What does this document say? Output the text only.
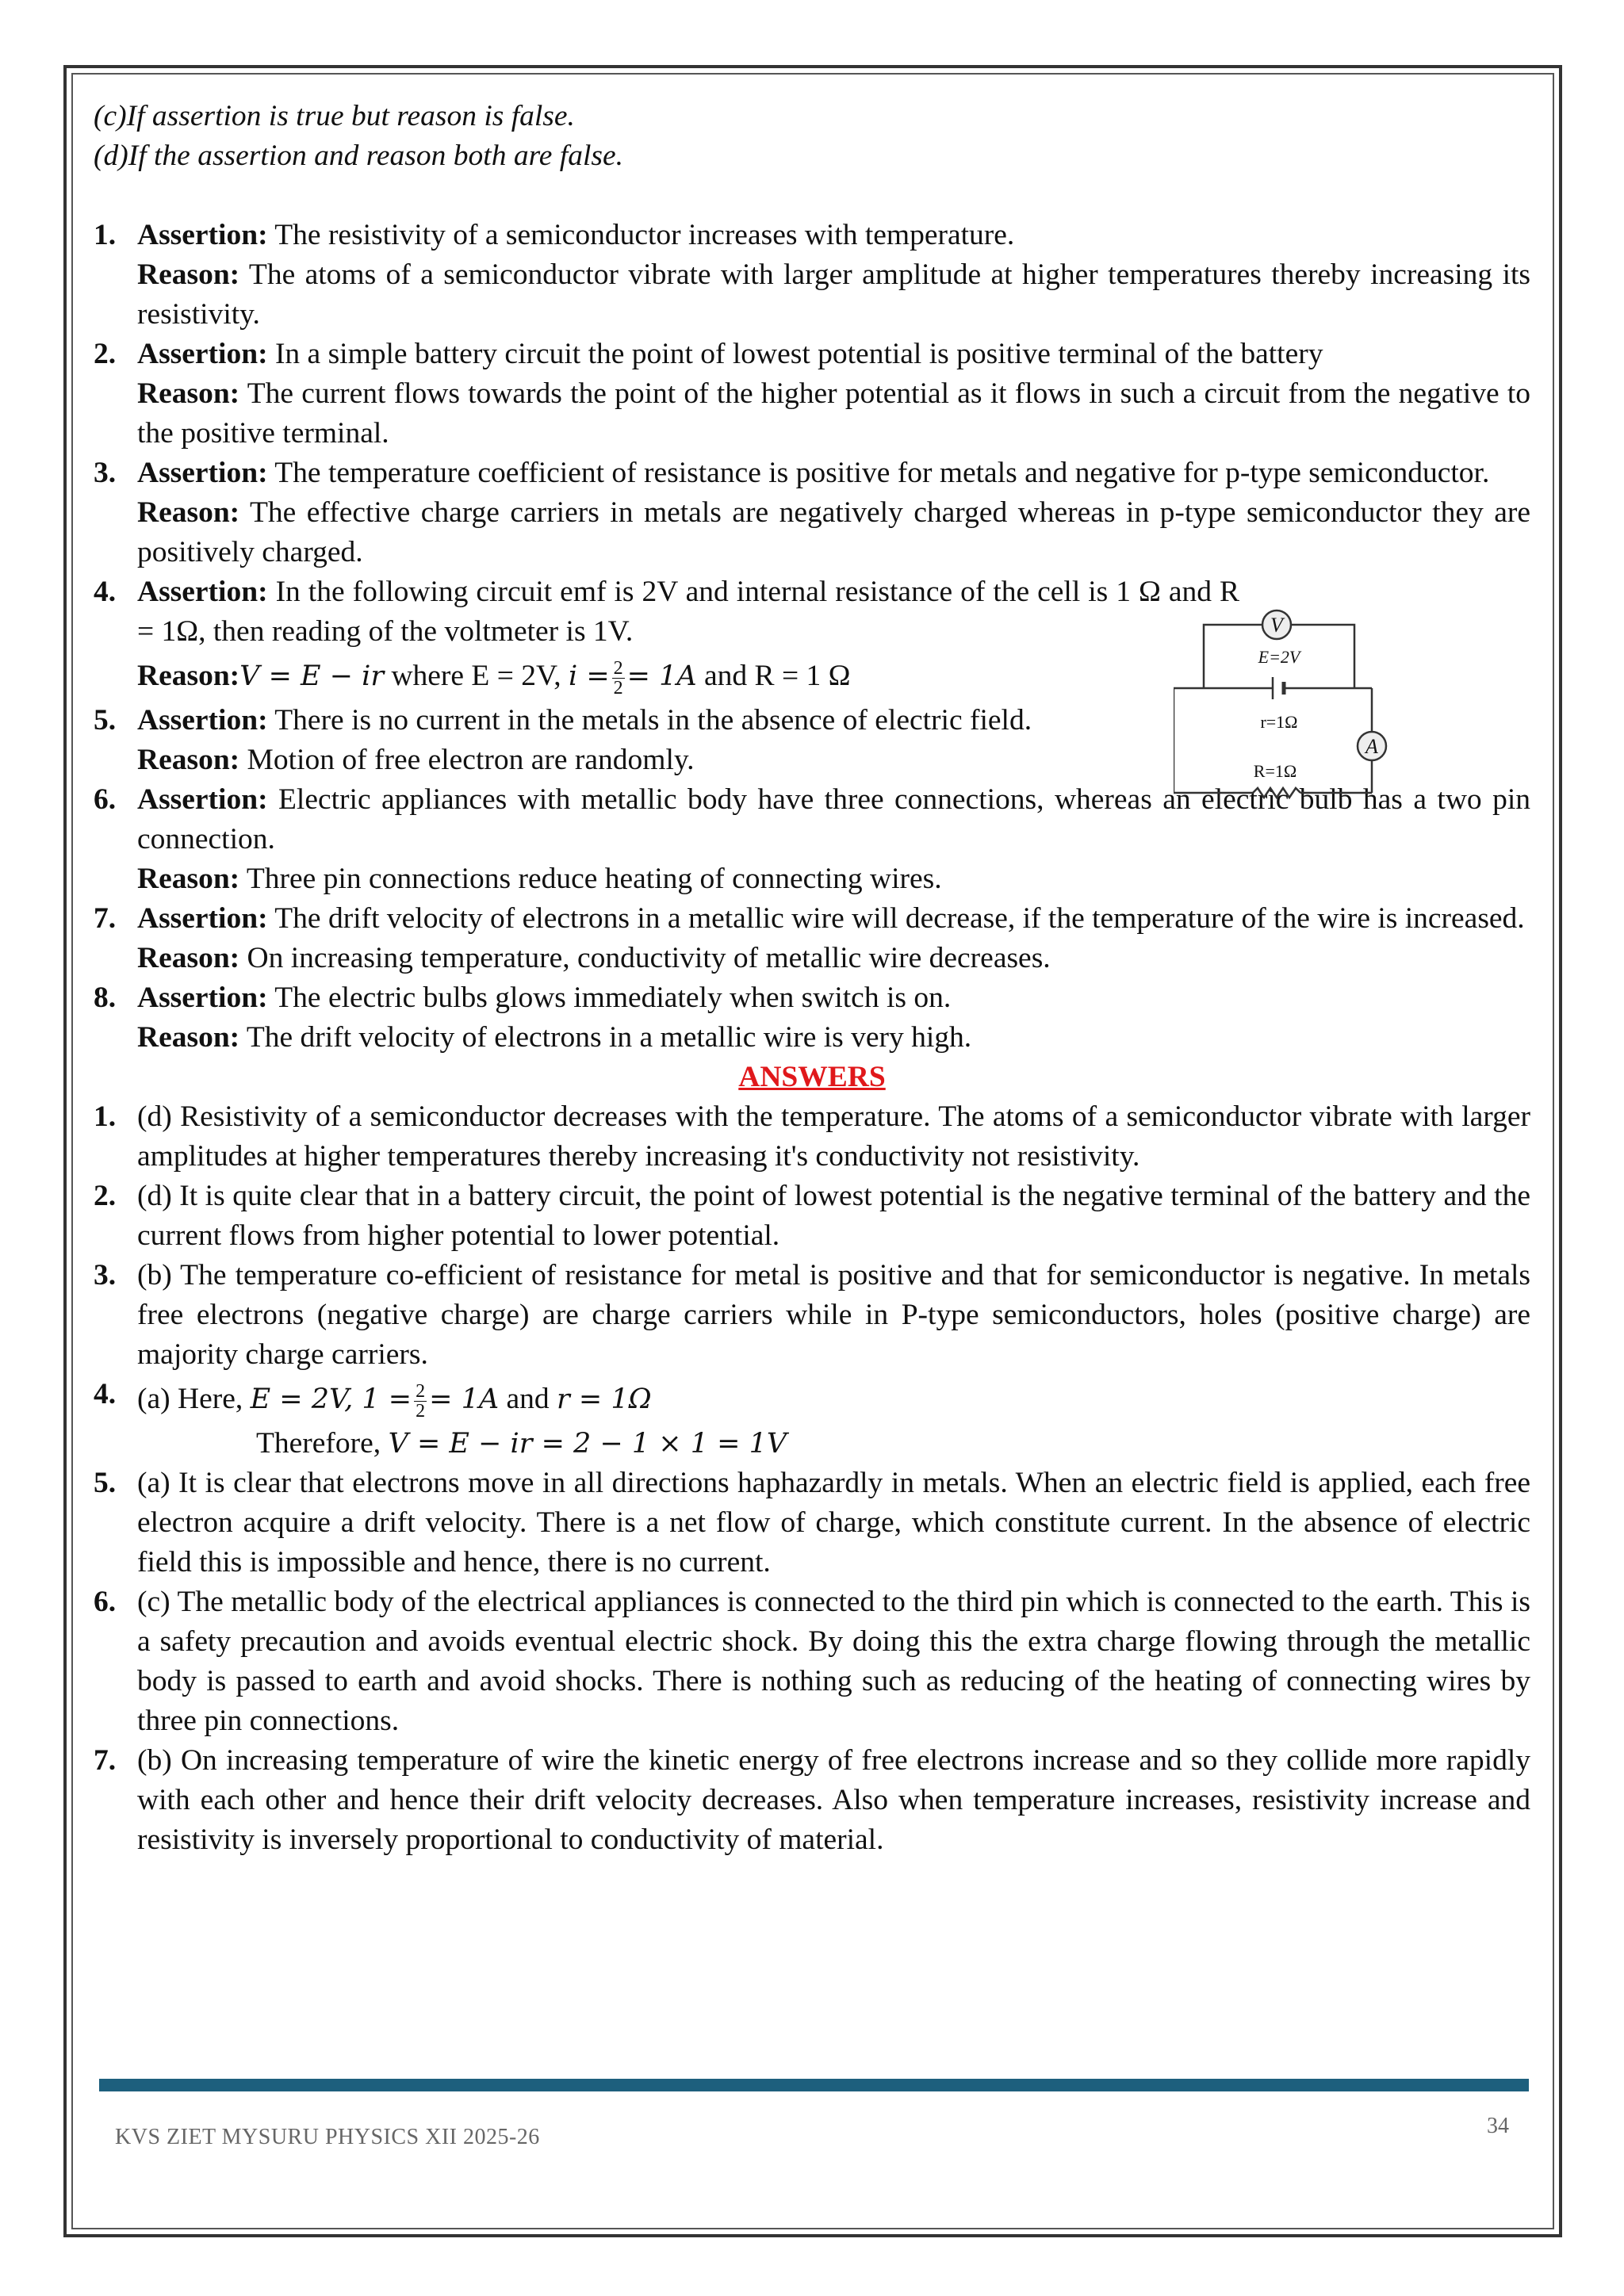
(c)If assertion is true but reason is false.

(d)If the assertion and reason both are false.

1. Assertion: The resistivity of a semiconductor increases with temperature.

Reason: The atoms of a semiconductor vibrate with larger amplitude at higher temperatures thereby increasing its resistivity.

2. Assertion: In a simple battery circuit the point of lowest potential is positive terminal of the battery

Reason: The current flows towards the point of the higher potential as it flows in such a circuit from the negative to the positive terminal.

3. Assertion: The temperature coefficient of resistance is positive for metals and negative for p-type semiconductor.

Reason: The effective charge carriers in metals are negatively charged whereas in p-type semiconductor they are positively charged.

4. Assertion: In the following circuit emf is 2V and internal resistance of the cell is 1 Ω and R = 1Ω, then reading of the voltmeter is 1V.

Reason:V = E − ir where E = 2V, $i = \frac{2}{2} = 1A$ and R = 1 Ω

5. Assertion: There is no current in the metals in the absence of electric field.

Reason: Motion of free electron are randomly.

6. Assertion: Electric appliances with metallic body have three connections, whereas an electric bulb has a two pin connection.

Reason: Three pin connections reduce heating of connecting wires.

7. Assertion: The drift velocity of electrons in a metallic wire will decrease, if the temperature of the wire is increased.

Reason: On increasing temperature, conductivity of metallic wire decreases.

8. Assertion: The electric bulbs glows immediately when switch is on.

Reason: The drift velocity of electrons in a metallic wire is very high.

ANSWERS

1. (d) Resistivity of a semiconductor decreases with the temperature. The atoms of a semiconductor vibrate with larger amplitudes at higher temperatures thereby increasing it's conductivity not resistivity.
2. (d) It is quite clear that in a battery circuit, the point of lowest potential is the negative terminal of the battery and the current flows from higher potential to lower potential.
3. (b) The temperature co-efficient of resistance for metal is positive and that for semiconductor is negative. In metals free electrons (negative charge) are charge carriers while in P-type semiconductors, holes (positive charge) are majority charge carriers.
4. (a) Here, E = 2V, $1 = \frac{2}{2} = 1A$ and r = 1Ω

Therefore, V = E − ir = 2 − 1 × 1 = 1V

5. (a) It is clear that electrons move in all directions haphazardly in metals. When an electric field is applied, each free electron acquire a drift velocity. There is a net flow of charge, which constitute current. In the absence of electric field this is impossible and hence, there is no current.
6. (c) The metallic body of the electrical appliances is connected to the third pin which is connected to the earth. This is a safety precaution and avoids eventual electric shock. By doing this the extra charge flowing through the metallic body is passed to earth and avoid shocks. There is nothing such as reducing of the heating of connecting wires by three pin connections.
7. (b) On increasing temperature of wire the kinetic energy of free electrons increase and so they collide more rapidly with each other and hence their drift velocity decreases. Also when temperature increases, resistivity increase and resistivity is inversely proportional to conductivity of material.
V
A
E=2V
r=1Ω
R=1Ω
KVS ZIET MYSURU PHYSICS XII 2025-26	34
